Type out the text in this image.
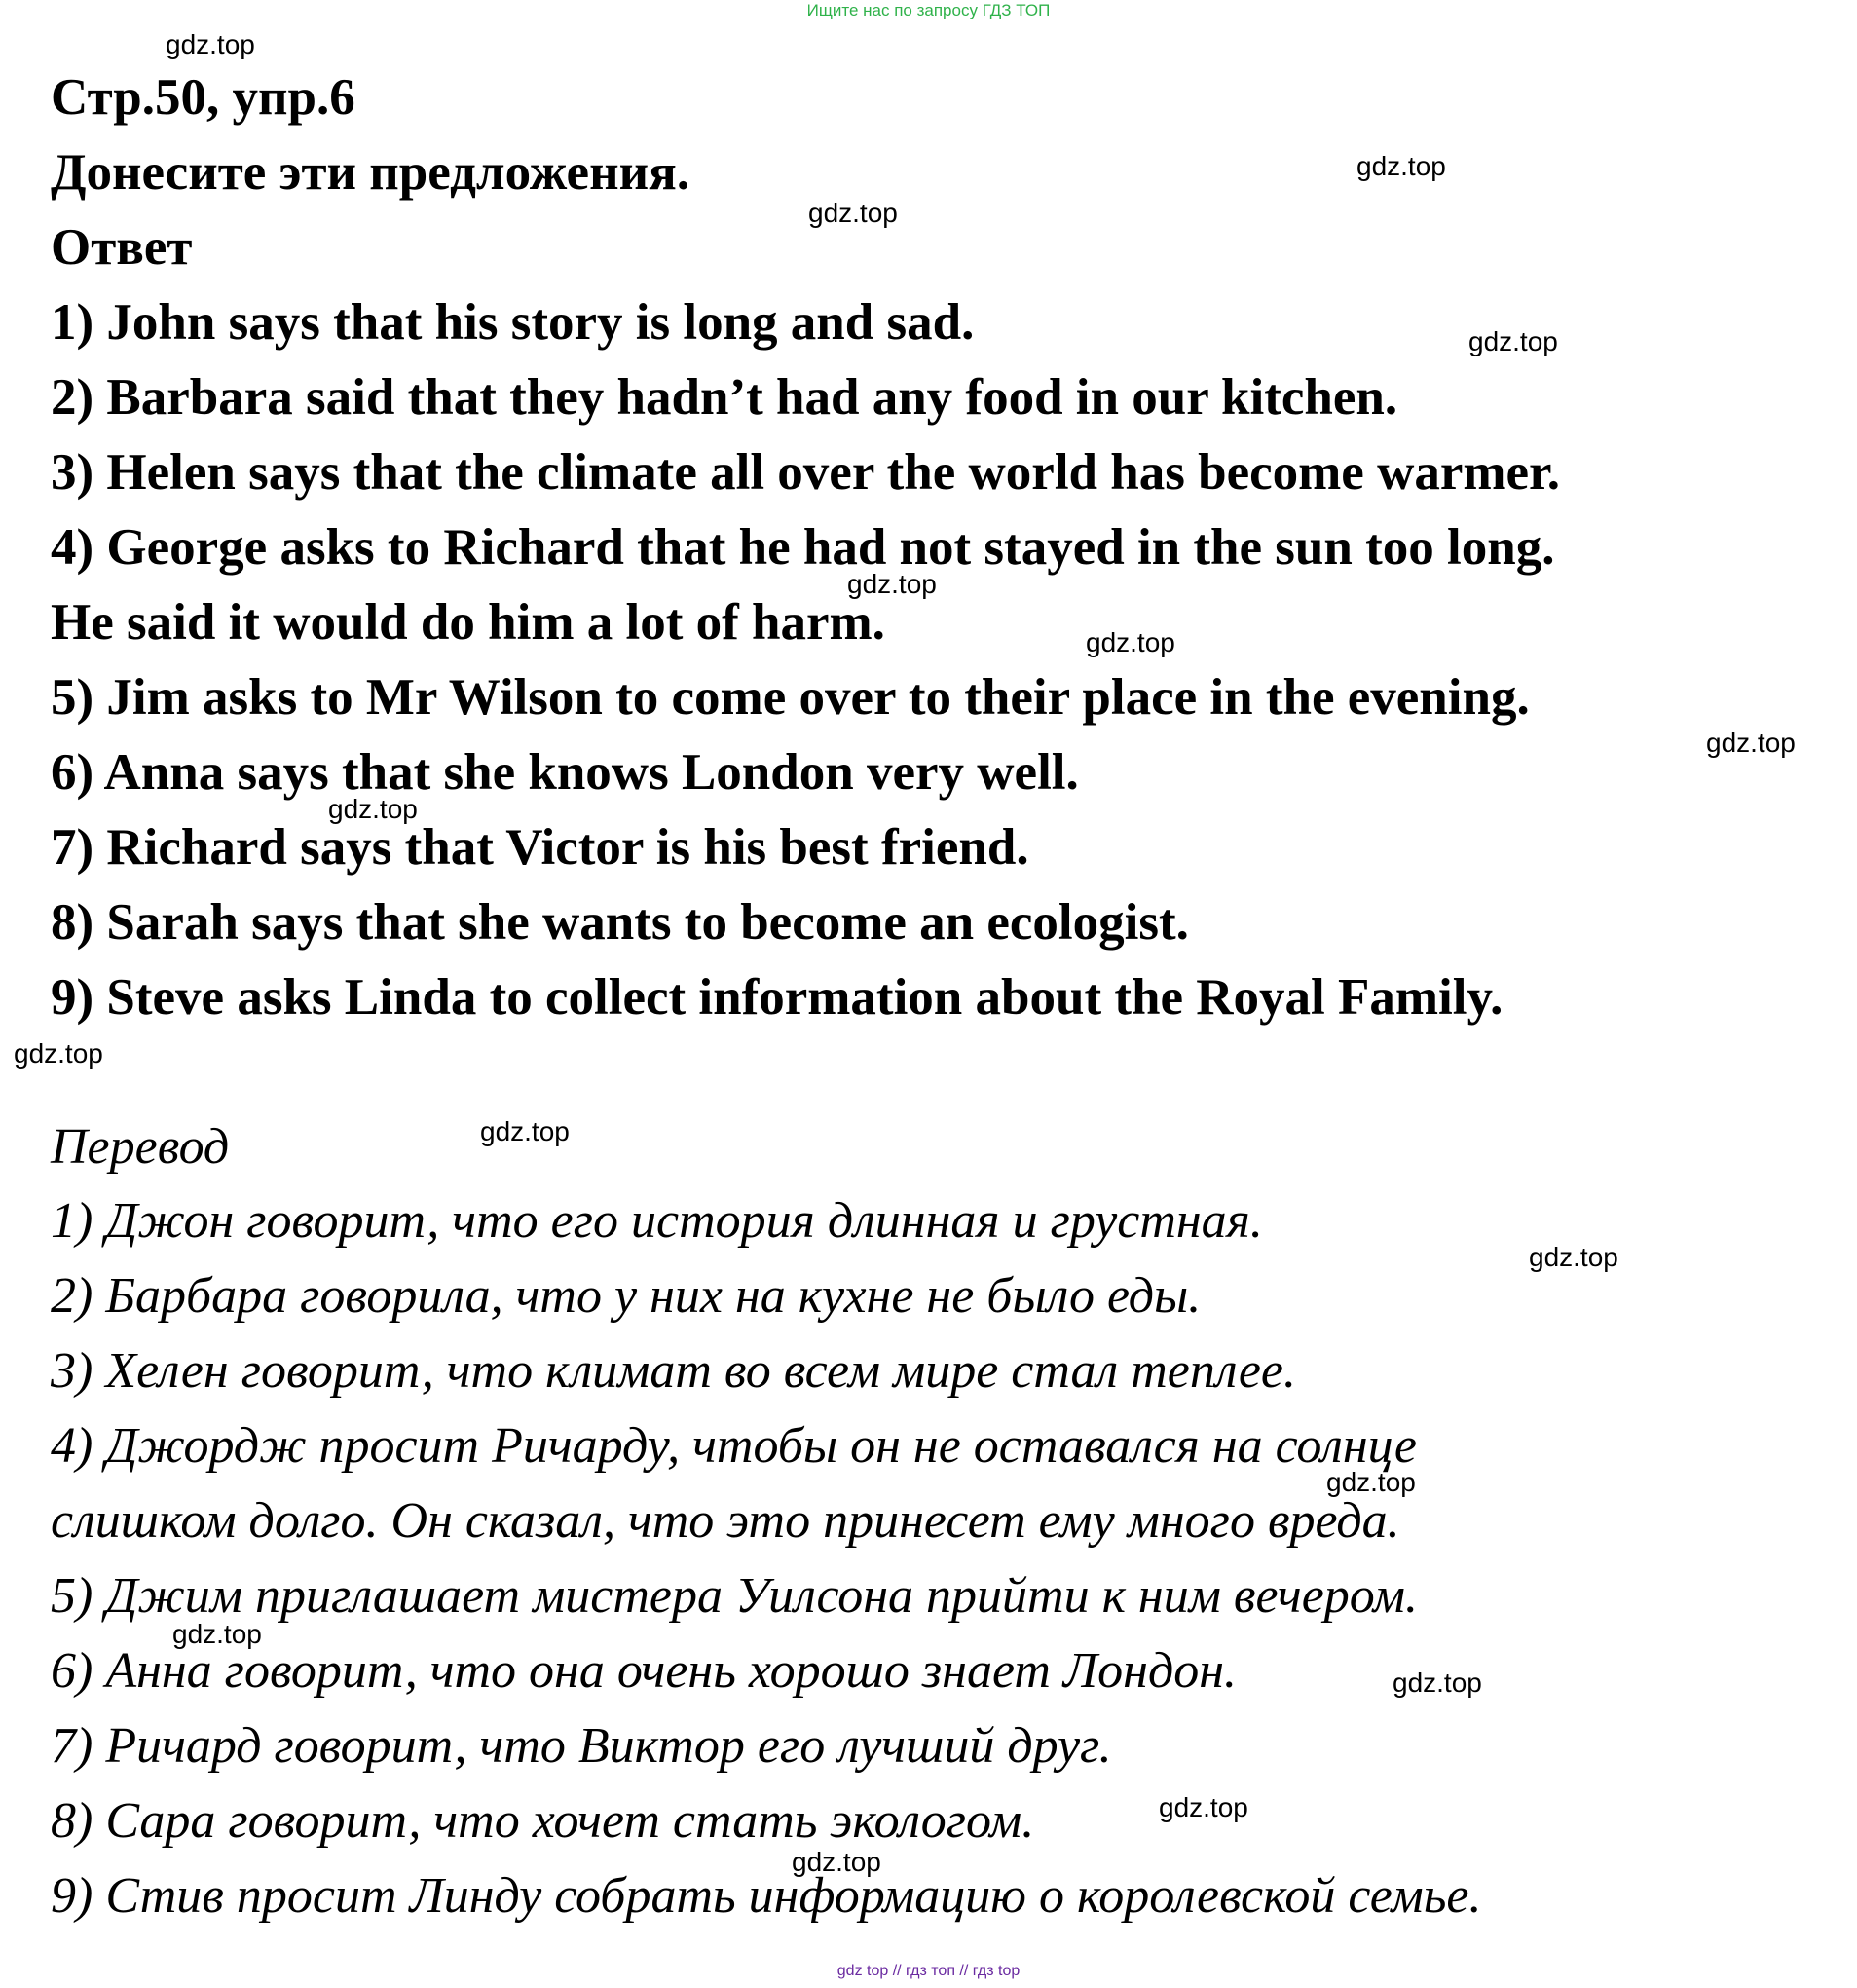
Ищите нас по запросу ГДЗ ТОП
gdz.top
Стр.50, упр.6
Донесите эти предложения.	gdz.top
gdz.top
Ответ
1) John says that his story is long and sad.	gdz.top
2) Barbara said that they hadn’t had any food in our kitchen.
3) Helen says that the climate all over the world has become warmer.
4) George asks to Richard that he had not stayed in the sun too long.
gdz.top
He said it would do him a lot of harm.	gdz.top
5) Jim asks to Mr Wilson to come over to their place in the evening.
gdz.top
6) Anna says that she knows London very well.
gdz.top
7) Richard says that Victor is his best friend.
8) Sarah says that she wants to become an ecologist.
9) Steve asks Linda to collect information about the Royal Family.
gdz.top
Перевод	gdz.top
1) Джон говорит, что его история длинная и грустная.
gdz.top
2) Барбара говорила, что у них на кухне не было еды.
3) Хелен говорит, что климат во всем мире стал теплее.
4) Джордж просит Ричарду, чтобы он не оставался на солнце
gdz.top
слишком долго. Он сказал, что это принесет ему много вреда.
5) Джим приглашает мистера Уилсона прийти к ним вечером.
gdz.top
6) Анна говорит, что она очень хорошо знает Лондон.	gdz.top
7) Ричард говорит, что Виктор его лучший друг.
gdz.top
8) Сара говорит, что хочет стать экологом.
gdz.top
9) Стив просит Линду собрать информацию о королевской семье.
gdz top // гдз топ // гдз top
